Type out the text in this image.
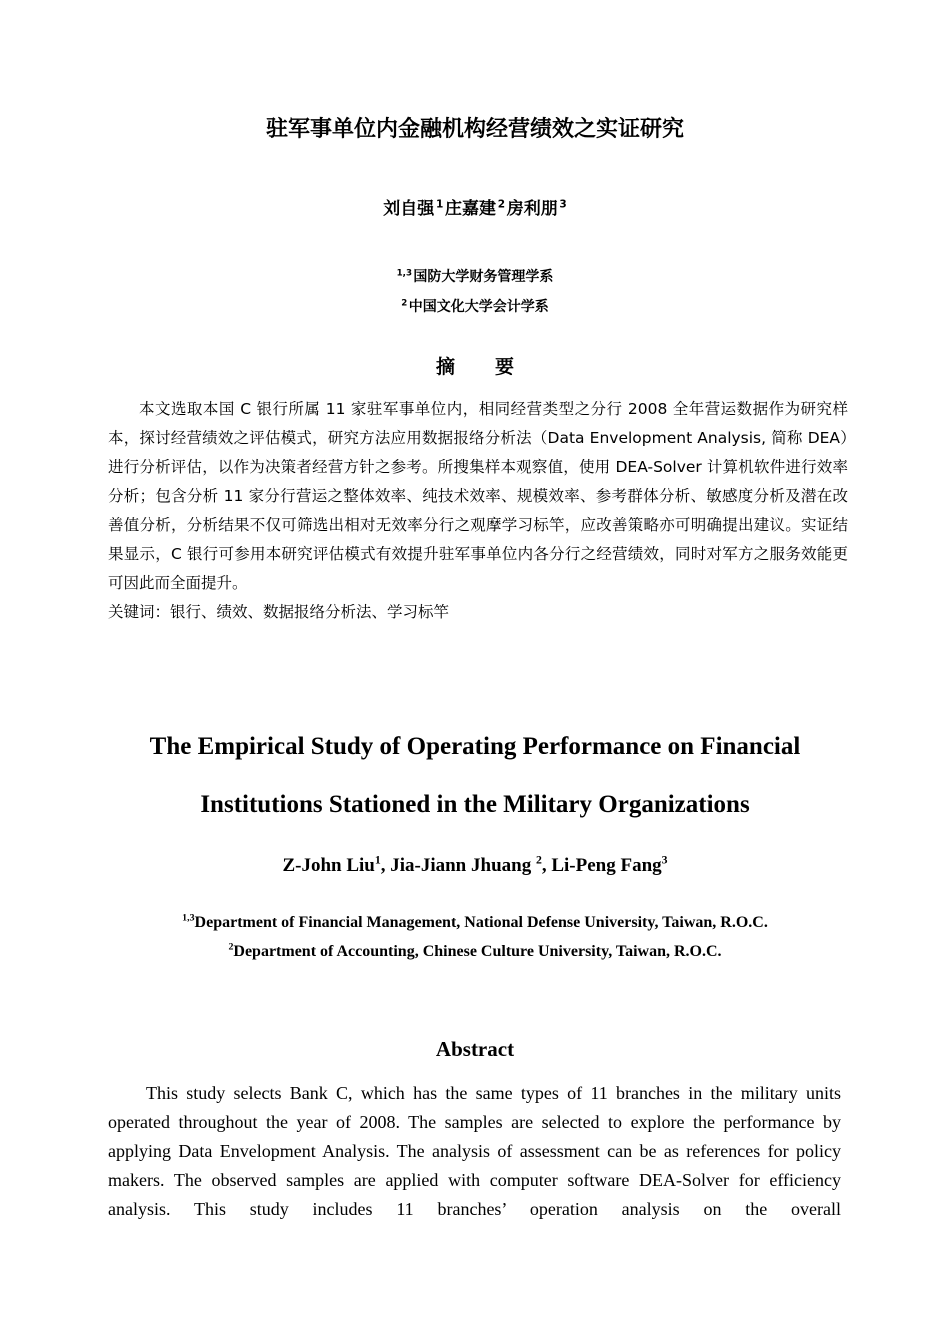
驻军事单位内金融机构经营绩效之实证研究
刘自强  $^1$  庄嘉建  $^2$  房利朋  $^3$
$^{1,3}$ 国防大学财务管理学系
$^2$ 中国文化大学会计学系
摘要

本文选取本国 C 银行所属 11 家驻军事单位内，相同经营类型之分行 2008 全年营运数据作为研究样本，探讨经营绩效之评估模式，研究方法应用数据报络分析法（Data Envelopment Analysis, 简称 DEA）进行分析评估，以作为决策者经营方针之参考。所搜集样本观察值，使用 DEA-Solver 计算机软件进行效率分析；包含分析 11 家分行营运之整体效率、纯技术效率、规模效率、参考群体分析、敏感度分析及潜在改善值分析，分析结果不仅可筛选出相对无效率分行之观摩学习标竿，应改善策略亦可明确提出建议。实证结果显示，C 银行可参用本研究评估模式有效提升驻军事单位内各分行之经营绩效，同时对军方之服务效能更可因此而全面提升。

关键词：银行、绩效、数据报络分析法、学习标竿

The Empirical Study of Operating Performance on Financial
Institutions Stationed in the Military Organizations
Z-John Liu$^1$, Jia-Jiann Jhuang $^2$, Li-Peng Fang$^3$
$^{1,3}$Department of Financial Management, National Defense University, Taiwan, R.O.C.
$^2$Department of Accounting, Chinese Culture University, Taiwan, R.O.C.
Abstract

This study selects Bank C, which has the same types of 11 branches in the military units operated throughout the year of 2008. The samples are selected to explore the performance by applying Data Envelopment Analysis. The analysis of assessment can be as references for policy makers. The observed samples are applied with computer software DEA-Solver for efficiency analysis. This study includes 11 branches’ operation analysis on the overall
